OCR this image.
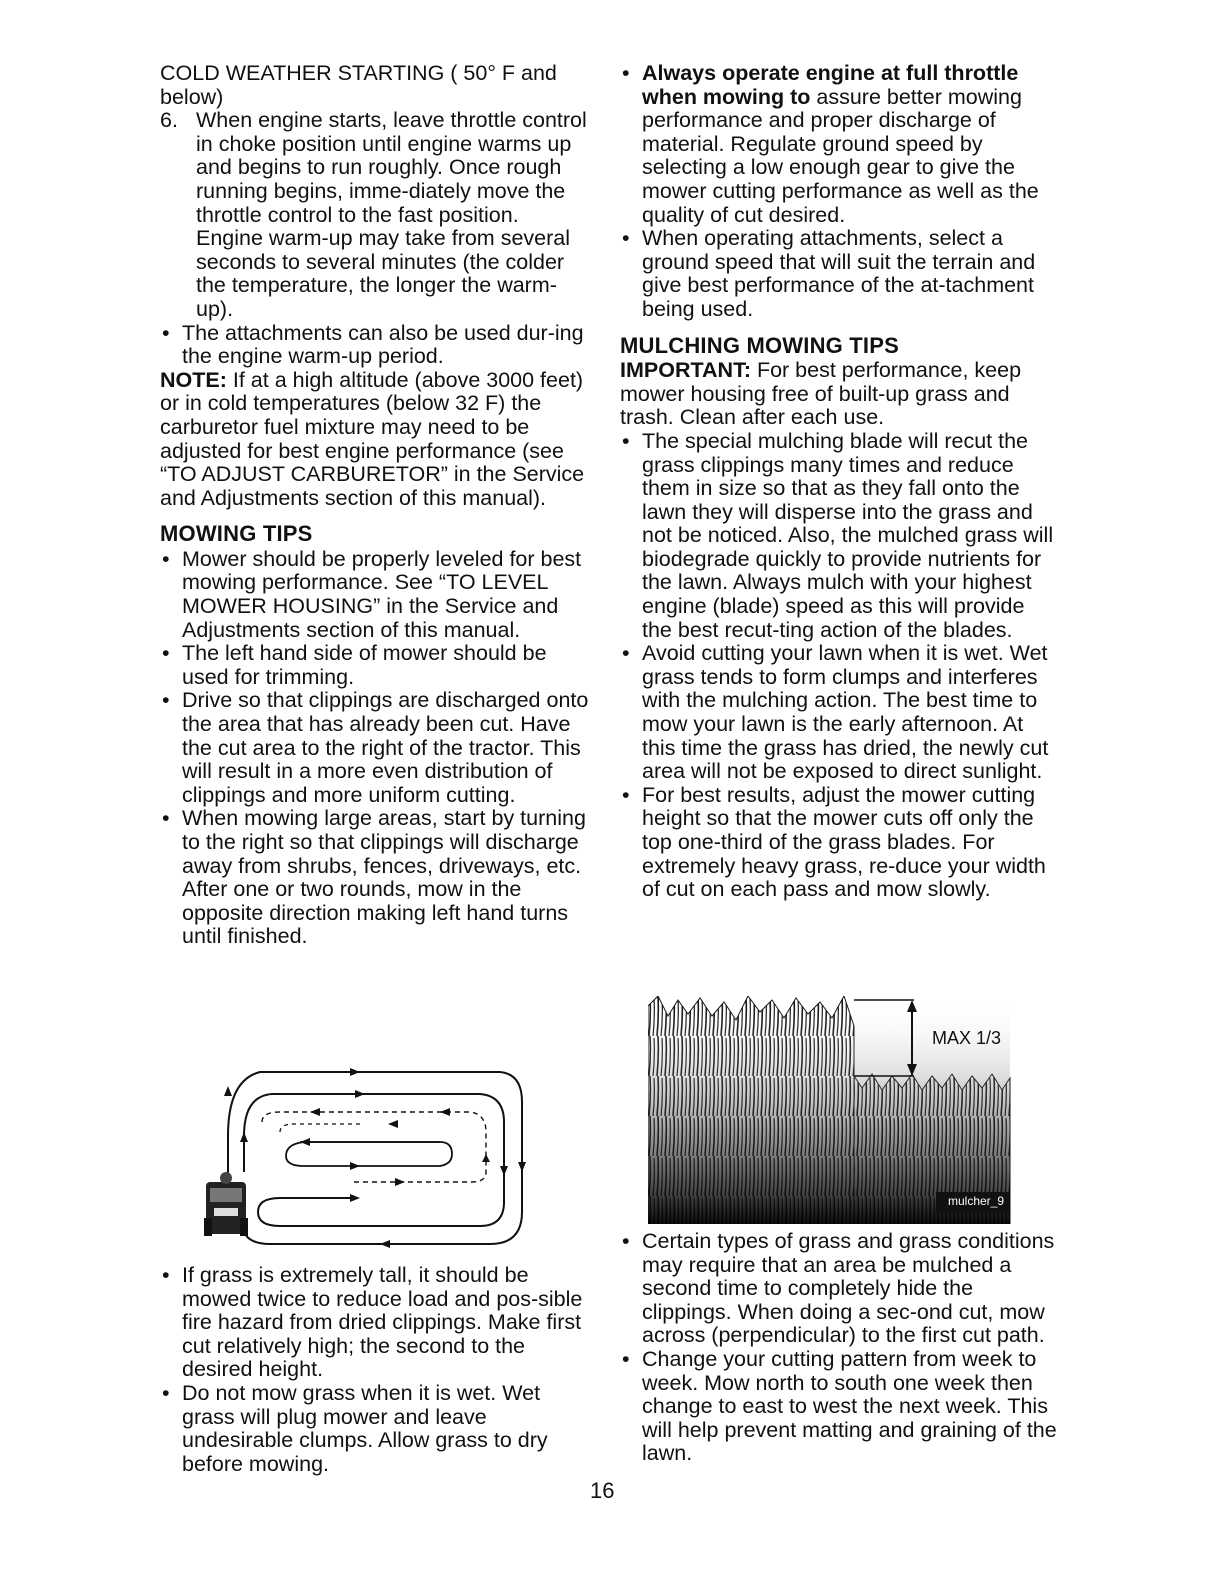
COLD WEATHER STARTING ( 50° F and below)

6. When engine starts, leave throttle control in choke position until engine warms up and begins to run roughly. Once rough running begins, imme-diately move the throttle control to the fast position. Engine warm-up may take from several seconds to several minutes (the colder the temperature, the longer the warm-up).
• The attachments can also be used dur-ing the engine warm-up period.

NOTE: If at a high altitude (above 3000 feet) or in cold temperatures (below 32 F) the carburetor fuel mixture may need to be adjusted for best engine performance (see “TO ADJUST CARBURETOR” in the Service and Adjustments section of this manual).

MOWING TIPS

• Mower should be properly leveled for best mowing performance. See “TO LEVEL MOWER HOUSING” in the Service and Adjustments section of this manual.
• The left hand side of mower should be used for trimming.
• Drive so that clippings are discharged onto the area that has already been cut. Have the cut area to the right of the tractor. This will result in a more even distribution of clippings and more uniform cutting.
• When mowing large areas, start by turning to the right so that clippings will discharge away from shrubs, fences, driveways, etc. After one or two rounds, mow in the opposite direction making left hand turns until finished.
• If grass is extremely tall, it should be mowed twice to reduce load and pos-sible fire hazard from dried clippings. Make first cut relatively high; the second to the desired height.
• Do not mow grass when it is wet. Wet grass will plug mower and leave undesirable clumps. Allow grass to dry before mowing.
• Always operate engine at full throttle when mowing to assure better mowing performance and proper discharge of material. Regulate ground speed by selecting a low enough gear to give the mower cutting performance as well as the quality of cut desired.
• When operating attachments, select a ground speed that will suit the terrain and give best performance of the at-tachment being used.

MULCHING MOWING TIPS

IMPORTANT: For best performance, keep mower housing free of built-up grass and trash. Clean after each use.

• The special mulching blade will recut the grass clippings many times and reduce them in size so that as they fall onto the lawn they will disperse into the grass and not be noticed. Also, the mulched grass will biodegrade quickly to provide nutrients for the lawn. Always mulch with your highest engine (blade) speed as this will provide the best recut-ting action of the blades.
• Avoid cutting your lawn when it is wet. Wet grass tends to form clumps and interferes with the mulching action. The best time to mow your lawn is the early afternoon. At this time the grass has dried, the newly cut area will not be exposed to direct sunlight.
• For best results, adjust the mower cutting height so that the mower cuts off only the top one-third of the grass blades. For extremely heavy grass, re-duce your width of cut on each pass and mow slowly.
MAX 1/3
mulcher_9
• Certain types of grass and grass conditions may require that an area be mulched a second time to completely hide the clippings. When doing a sec-ond cut, mow across (perpendicular) to the first cut path.
• Change your cutting pattern from week to week. Mow north to south one week then change to east to west the next week. This will help prevent matting and graining of the lawn.
16
